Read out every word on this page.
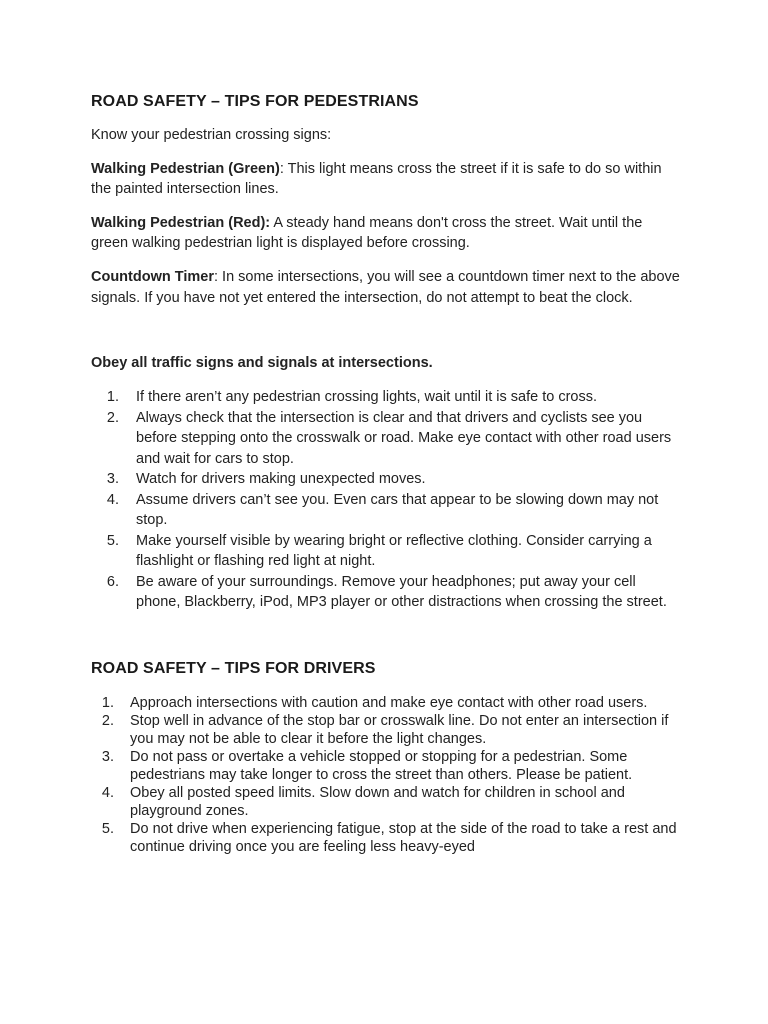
ROAD SAFETY – TIPS FOR PEDESTRIANS

Know your pedestrian crossing signs:

Walking Pedestrian (Green): This light means cross the street if it is safe to do so within the painted intersection lines.

Walking Pedestrian (Red): A steady hand means don't cross the street. Wait until the green walking pedestrian light is displayed before crossing.

Countdown Timer: In some intersections, you will see a countdown timer next to the above signals. If you have not yet entered the intersection, do not attempt to beat the clock.

Obey all traffic signs and signals at intersections.

1.	If there aren’t any pedestrian crossing lights, wait until it is safe to cross.
2.	Always check that the intersection is clear and that drivers and cyclists see you before stepping onto the crosswalk or road. Make eye contact with other road users and wait for cars to stop.
3.	Watch for drivers making unexpected moves.
4.	Assume drivers can’t see you. Even cars that appear to be slowing down may not stop.
5.	Make yourself visible by wearing bright or reflective clothing. Consider carrying a flashlight or flashing red light at night.
6.	Be aware of your surroundings. Remove your headphones; put away your cell phone, Blackberry, iPod, MP3 player or other distractions when crossing the street.
ROAD SAFETY – TIPS FOR DRIVERS
1.	Approach intersections with caution and make eye contact with other road users.
2.	Stop well in advance of the stop bar or crosswalk line. Do not enter an intersection if you may not be able to clear it before the light changes.
3.	Do not pass or overtake a vehicle stopped or stopping for a pedestrian. Some pedestrians may take longer to cross the street than others. Please be patient.
4.	Obey all posted speed limits. Slow down and watch for children in school and playground zones.
5.	Do not drive when experiencing fatigue, stop at the side of the road to take a rest and continue driving once you are feeling less heavy-eyed
